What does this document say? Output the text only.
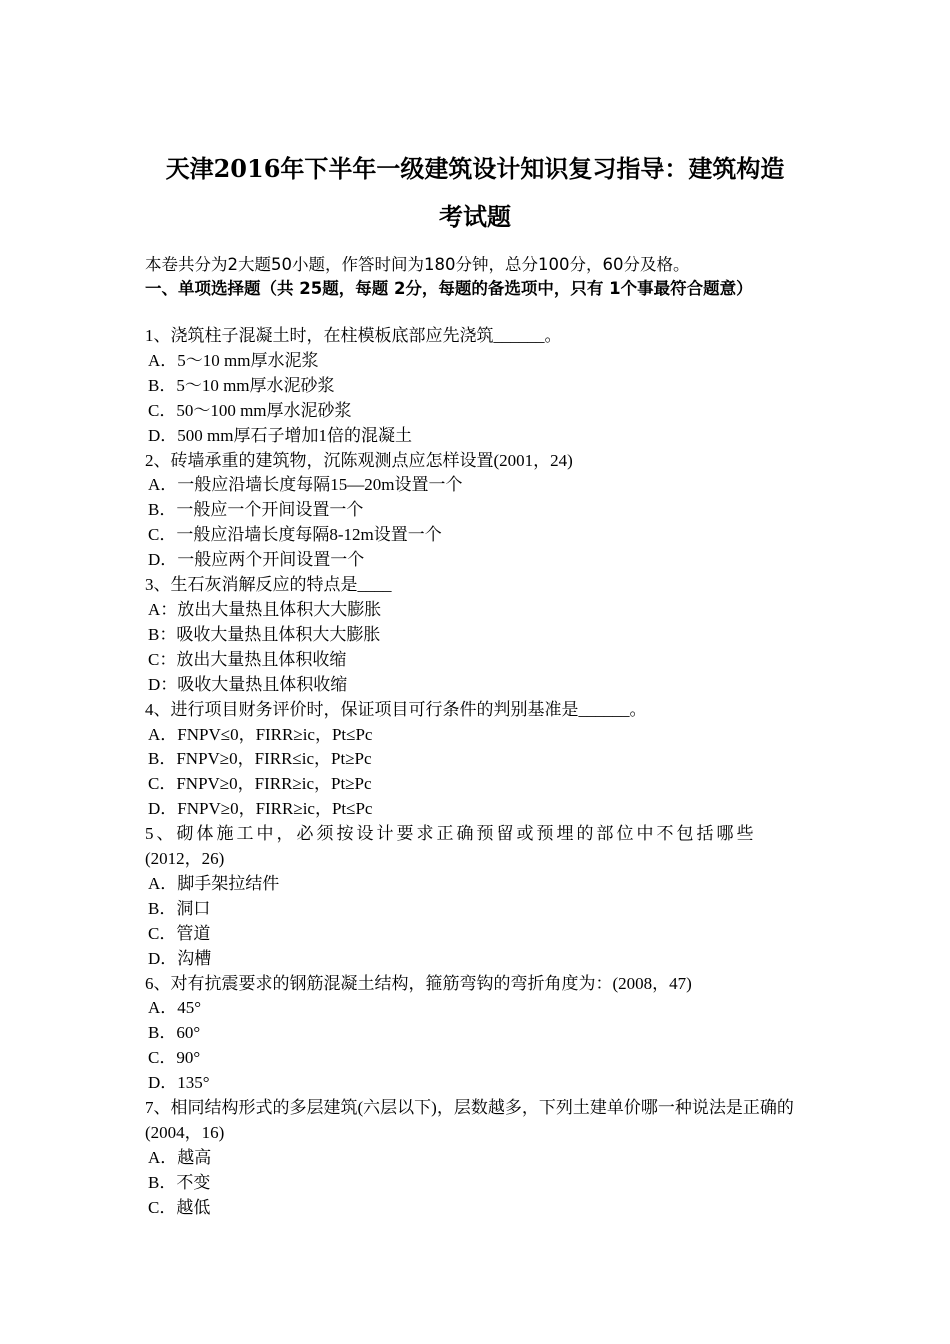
天津2016年下半年一级建筑设计知识复习指导：建筑构造
考试题
本卷共分为2大题50小题，作答时间为180分钟，总分100分，60分及格。
一、单项选择题（共 25题，每题 2分，每题的备选项中，只有 1个事最符合题意）

1、浇筑柱子混凝土时，在柱模板底部应先浇筑______。

A．5～10 mm厚水泥浆

B．5～10 mm厚水泥砂浆

C．50～100 mm厚水泥砂浆

D．500 mm厚石子增加1倍的混凝土

2、砖墙承重的建筑物，沉陈观测点应怎样设置(2001，24)

A．一般应沿墙长度每隔15—20m设置一个

B．一般应一个开间设置一个

C．一般应沿墙长度每隔8-12m设置一个

D．一般应两个开间设置一个

3、生石灰消解反应的特点是____

A：放出大量热且体积大大膨胀

B：吸收大量热且体积大大膨胀

C：放出大量热且体积收缩

D：吸收大量热且体积收缩

4、进行项目财务评价时，保证项目可行条件的判别基准是______。

A．FNPV≤0，FIRR≥ic，Pt≤Pc

B．FNPV≥0，FIRR≤ic，Pt≥Pc

C．FNPV≥0，FIRR≥ic，Pt≥Pc

D．FNPV≥0，FIRR≥ic，Pt≤Pc

5、砌体施工中，必须按设计要求正确预留或预埋的部位中不包括哪些

(2012，26)

A．脚手架拉结件

B．洞口

C．管道

D．沟槽

6、对有抗震要求的钢筋混凝土结构，箍筋弯钩的弯折角度为：(2008，47)

A．45°

B．60°

C．90°

D．135°

7、相同结构形式的多层建筑(六层以下)，层数越多，下列土建单价哪一种说法是正确的(2004，16)

A．越高

B．不变

C．越低
